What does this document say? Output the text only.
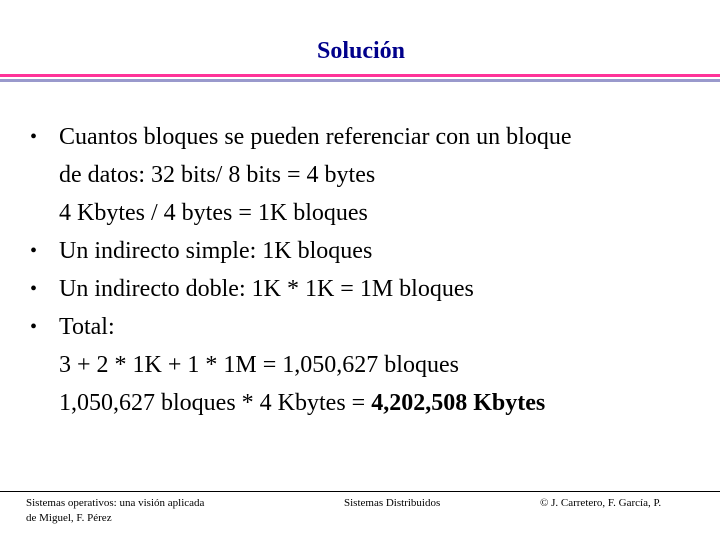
Solución
• Cuantos bloques se pueden referenciar con un bloque
de datos: 32 bits/ 8 bits = 4 bytes
4 Kbytes / 4 bytes = 1K bloques
• Un indirecto simple: 1K bloques
• Un indirecto doble: 1K * 1K = 1M bloques
• Total:
3 + 2 * 1K + 1 * 1M = 1,050,627 bloques
1,050,627 bloques * 4 Kbytes = 4,202,508 Kbytes
Sistemas operativos: una visión aplicada
de Miguel, F. Pérez
Sistemas Distribuidos	© J. Carretero, F. García, P.
